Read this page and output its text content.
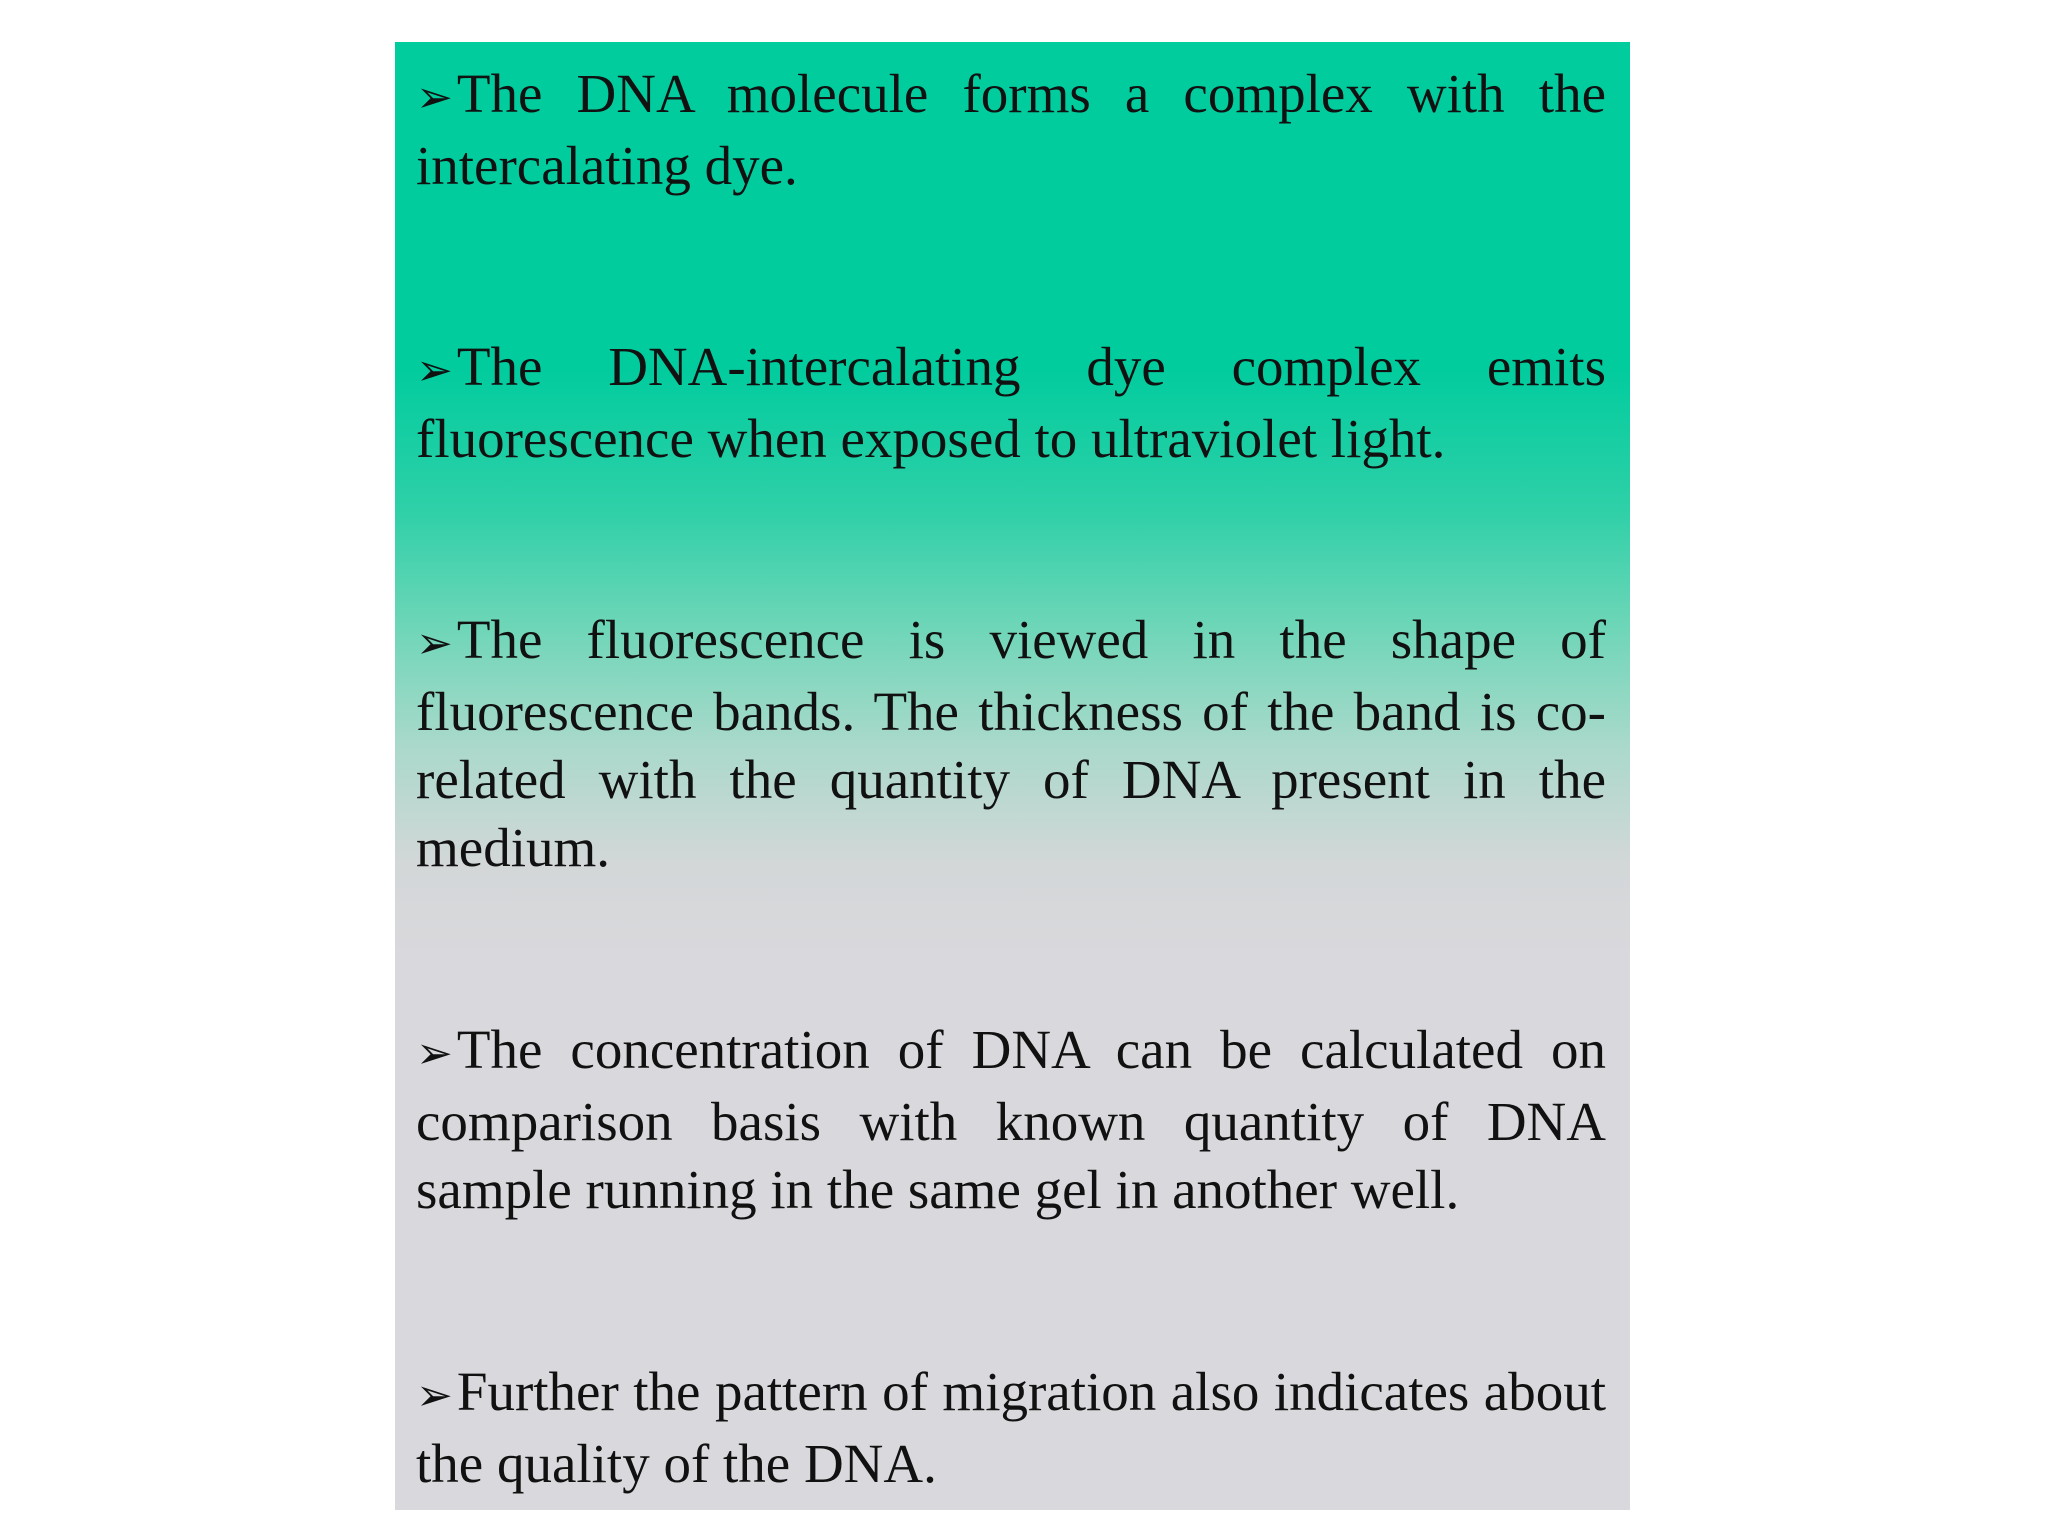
➢The DNA molecule forms a complex with the intercalating dye.

➢The DNA-intercalating dye complex emits fluorescence when exposed to ultraviolet light.

➢The fluorescence is viewed in the shape of fluorescence bands. The thickness of the band is co-related with the quantity of DNA present in the medium.

➢The concentration of DNA can be calculated on comparison basis with known quantity of DNA sample running in the same gel in another well.

➢Further the pattern of migration also indicates about the quality of the DNA.
